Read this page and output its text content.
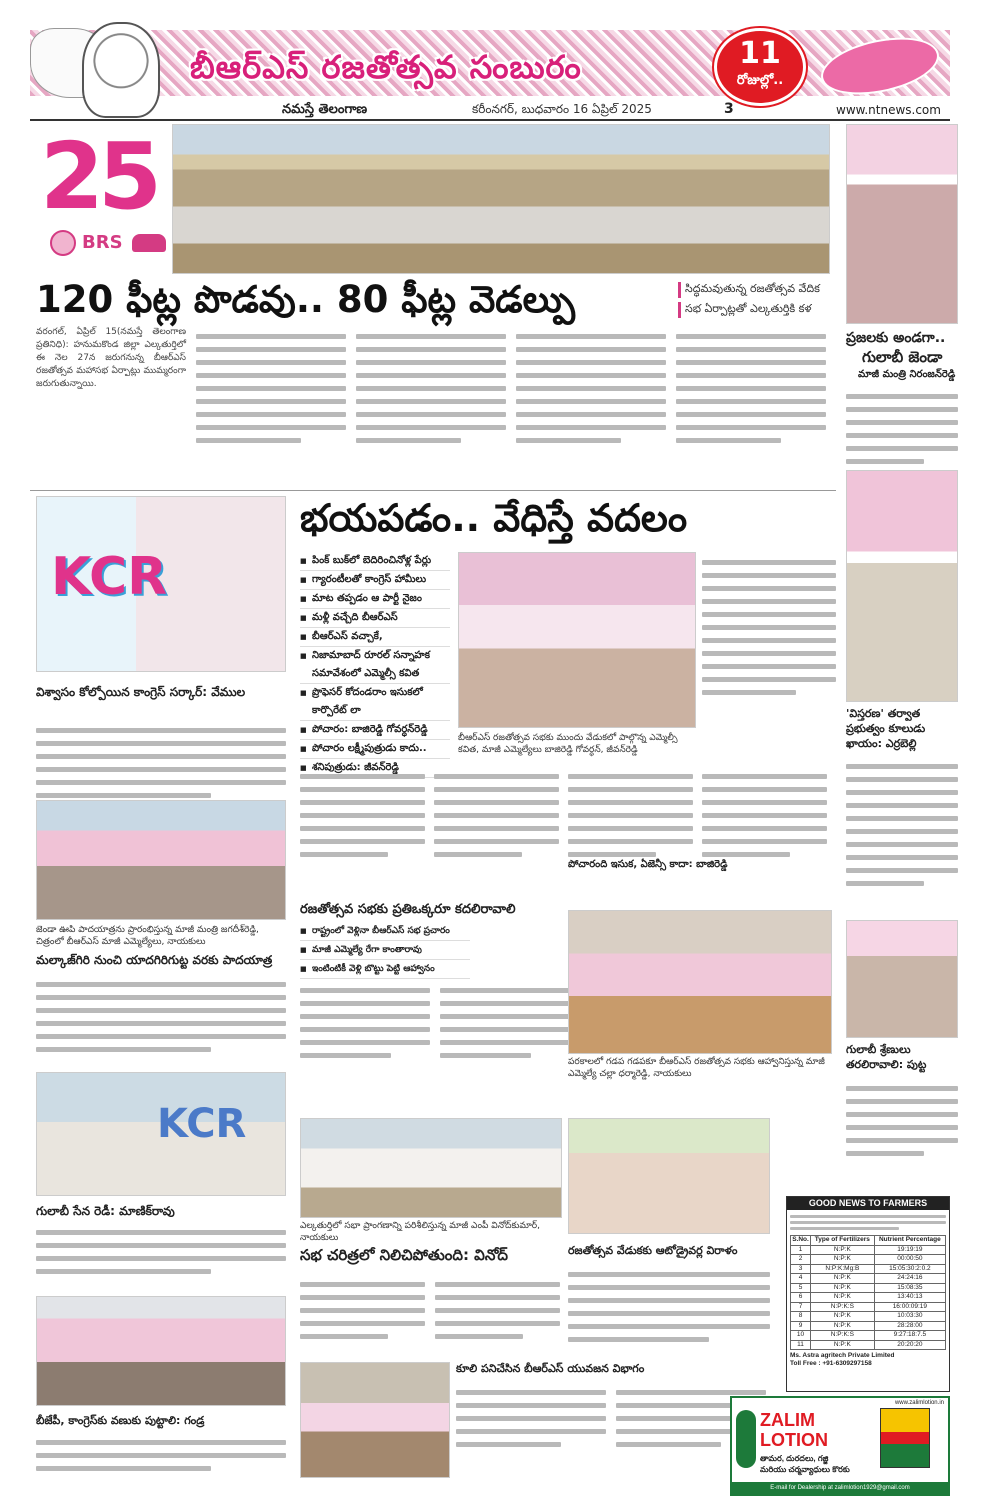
బీఆర్‌ఎస్ రజతోత్సవ సంబురం	11
రోజుల్లో..
నమస్తే తెలంగాణ	కరీంనగర్, బుధవారం 16 ఏప్రిల్ 2025	3	www.ntnews.com
25
BRS
120 ఫీట్ల పొడవు.. 80 ఫీట్ల వెడల్పు	సిద్ధమవుతున్న రజతోత్సవ వేదిక
సభ ఏర్పాట్లతో ఎల్కతుర్తికి కళ
ప్రజలకు అండగా..
గులాబీ జెండా
మాజీ మంత్రి నిరంజన్‌రెడ్డి
వరంగల్, ఏప్రిల్ 15(నమస్తే తెలంగాణ ప్రతినిధి): హనుమకొండ జిల్లా ఎల్కతుర్తిలో ఈ నెల 27న జరుగనున్న బీఆర్‌ఎస్ రజతోత్సవ మహాసభ ఏర్పాట్లు ముమ్మరంగా జరుగుతున్నాయి.
'విస్తరణ' తర్వాత ప్రభుత్వం కూలుడు ఖాయం: ఎర్రబెల్లి
గులాబీ శ్రేణులు తరలిరావాలి: పుట్ట
KCR
విశ్వాసం కోల్పోయిన కాంగ్రెస్ సర్కార్: వేముల
భయపడం.. వేధిస్తే వదలం
■ పింక్ బుక్‌లో బెదిరించినోళ్ల పేర్లు
■ గ్యారంటీలతో కాంగ్రెస్ హామీలు
■ మాట తప్పడం ఆ పార్టీ నైజం
■ మళ్లీ వచ్చేది బీఆర్‌ఎస్
■ బీఆర్‌ఎస్ వచ్చాకే,
■ నిజామాబాద్ రూరల్ సన్నాహక సమావేశంలో ఎమ్మెల్సీ కవిత
■ ప్రొఫెసర్ కోదండరాం ఇసుకలో కార్పొరేట్ లా
■ పోచారం: బాజిరెడ్డి గోవర్ధన్‌రెడ్డి
■ పోచారం లక్ష్మీపుత్రుడు కాదు..
■ శనిపుత్రుడు: జీవన్‌రెడ్డి
బీఆర్‌ఎస్ రజతోత్సవ సభకు ముందు వేడుకలో పాల్గొన్న ఎమ్మెల్సీ కవిత, మాజీ ఎమ్మెల్యేలు బాజిరెడ్డి గోవర్ధన్, జీవన్‌రెడ్డి
పోచారంది ఇసుక, ఏజెన్సీ కాదా: బాజిరెడ్డి
జెండా ఊపి పాదయాత్రను ప్రారంభిస్తున్న మాజీ మంత్రి జగదీశ్‌రెడ్డి, చిత్రంలో బీఆర్‌ఎస్ మాజీ ఎమ్మెల్యేలు, నాయకులు
మల్కాజ్‌గిరి నుంచి యాదగిరిగుట్ట వరకు పాదయాత్ర
రజతోత్సవ సభకు ప్రతిఒక్కరూ కదలిరావాలి
■ రాష్ట్రంలో వెళ్లినా బీఆర్‌ఎస్ సభ ప్రచారం
■ మాజీ ఎమ్మెల్యే రేగా కాంతారావు
■ ఇంటింటికీ వెళ్లి బొట్టు పెట్టి ఆహ్వానం
పరకాలలో గడప గడపకూ బీఆర్‌ఎస్ రజతోత్సవ సభకు ఆహ్వానిస్తున్న మాజీ ఎమ్మెల్యే చల్లా ధర్మారెడ్డి, నాయకులు
KCR
గులాబీ సేన రెడీ: మాణిక్‌రావు
ఎల్కతుర్తిలో సభా ప్రాంగణాన్ని పరిశీలిస్తున్న మాజీ ఎంపీ వినోద్‌కుమార్, నాయకులు
సభ చరిత్రలో నిలిచిపోతుంది: వినోద్	రజతోత్సవ వేడుకకు ఆటోడ్రైవర్ల విరాళం
బీజేపీ, కాంగ్రెస్‌కు వణుకు పుట్టాలి: గండ్ర
కూలి పనిచేసిన బీఆర్‌ఎస్ యువజన విభాగం
GOOD NEWS TO FARMERS
S.No.	Type of Fertilizers	Nutrient Percentage
1	N:P:K	19:19:19
2	N:P:K	00:00:50
3	N:P:K:Mg:B	15:05:30:2:0.2
4	N:P:K	24:24:16
5	N:P:K	15:08:35
6	N:P:K	13:40:13
7	N:P:K:S	16:00:09:19
8	N:P:K	10:03:30
9	N:P:K	28:28:00
10	N:P:K:S	9:27:18:7.5
11	N:P:K	20:20:20
Ms. Astra agritech Private Limited
Toll Free : +91-6309297158
www.zalimlotion.in
ZALIM
LOTION
తామర, దురదలు, గజ్జి
మరియు చర్మవ్యాధులు కొరకు
E-mail for Dealership at zalimlotion1929@gmail.com
